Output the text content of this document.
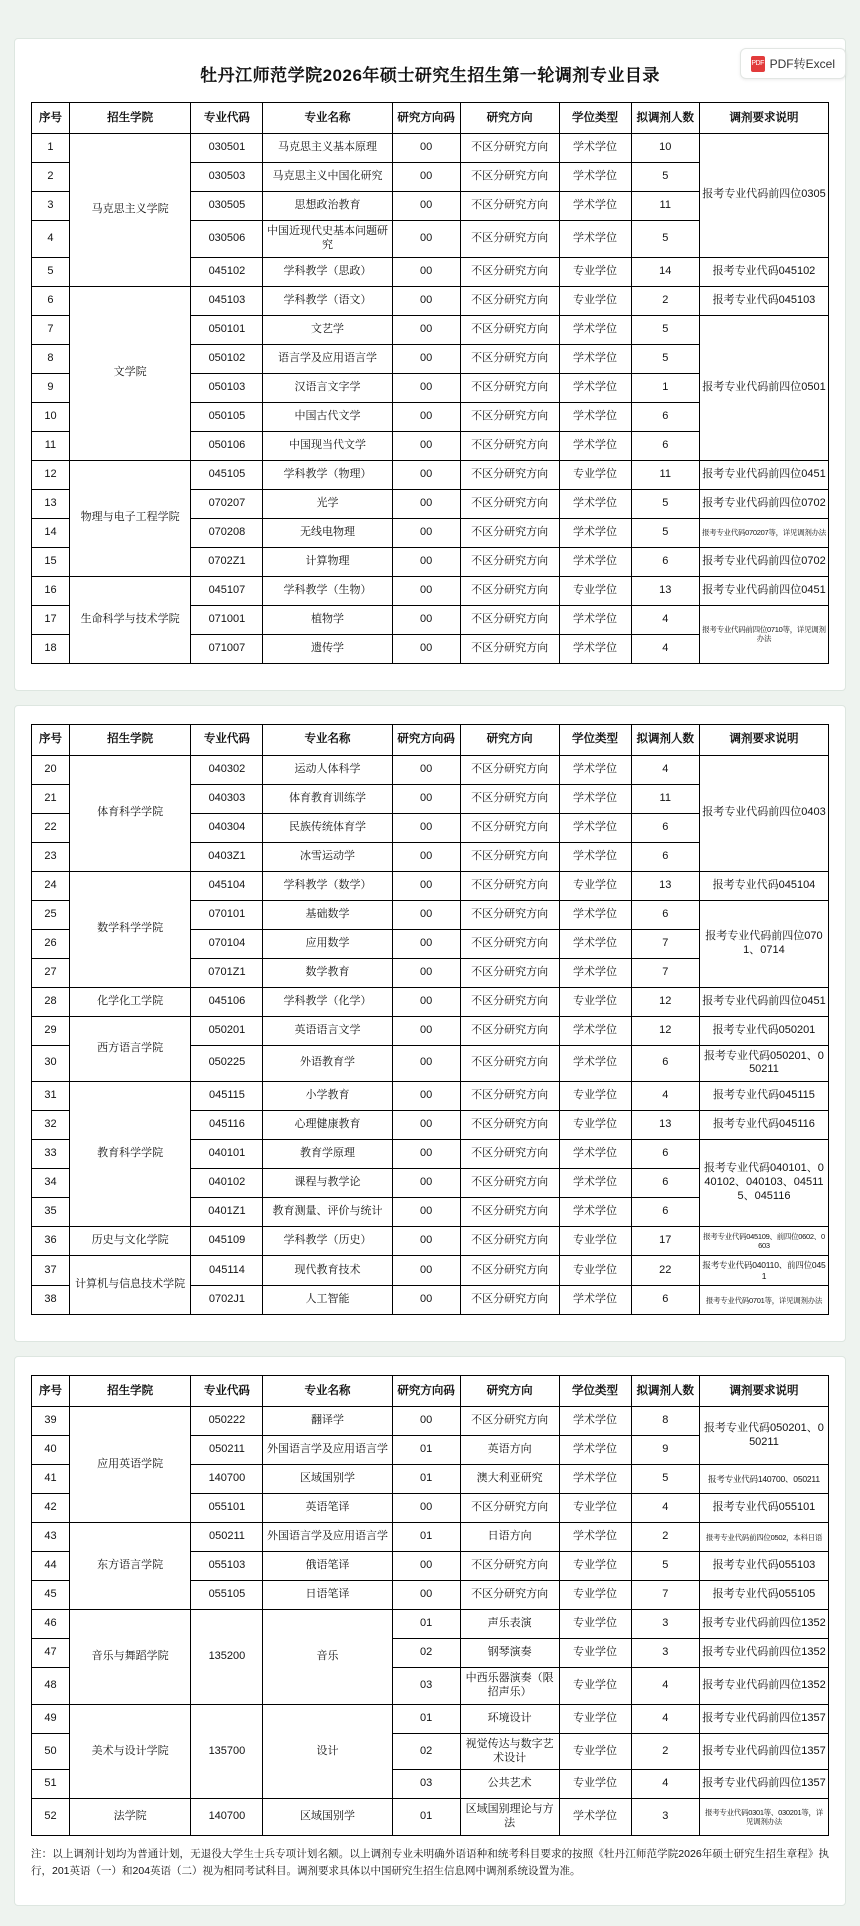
PDF PDF转Excel
牡丹江师范学院2026年硕士研究生招生第一轮调剂专业目录
序号	招生学院	专业代码	专业名称	研究方向码	研究方向	学位类型	拟调剂人数	调剂要求说明
1	马克思主义学院	030501	马克思主义基本原理	00	不区分研究方向	学术学位	10	报考专业代码前四位0305
2		030503	马克思主义中国化研究	00	不区分研究方向	学术学位	5	
3		030505	思想政治教育	00	不区分研究方向	学术学位	11	
4		030506	中国近现代史基本问题研究	00	不区分研究方向	学术学位	5	
5		045102	学科教学（思政）	00	不区分研究方向	专业学位	14	报考专业代码045102
6	文学院	045103	学科教学（语文）	00	不区分研究方向	专业学位	2	报考专业代码045103
7		050101	文艺学	00	不区分研究方向	学术学位	5	报考专业代码前四位0501
8		050102	语言学及应用语言学	00	不区分研究方向	学术学位	5	
9		050103	汉语言文字学	00	不区分研究方向	学术学位	1	
10		050105	中国古代文学	00	不区分研究方向	学术学位	6	
11		050106	中国现当代文学	00	不区分研究方向	学术学位	6	
12	物理与电子工程学院	045105	学科教学（物理）	00	不区分研究方向	专业学位	11	报考专业代码前四位0451
13		070207	光学	00	不区分研究方向	学术学位	5	报考专业代码前四位0702
14		070208	无线电物理	00	不区分研究方向	学术学位	5	报考专业代码070207等，详见调剂办法
15		0702Z1	计算物理	00	不区分研究方向	学术学位	6	报考专业代码前四位0702
16	生命科学与技术学院	045107	学科教学（生物）	00	不区分研究方向	专业学位	13	报考专业代码前四位0451
17		071001	植物学	00	不区分研究方向	学术学位	4	报考专业代码前四位0710等，详见调剂办法
18		071007	遗传学	00	不区分研究方向	学术学位	4	
序号	招生学院	专业代码	专业名称	研究方向码	研究方向	学位类型	拟调剂人数	调剂要求说明
20	体育科学学院	040302	运动人体科学	00	不区分研究方向	学术学位	4	报考专业代码前四位0403
21		040303	体育教育训练学	00	不区分研究方向	学术学位	11	
22		040304	民族传统体育学	00	不区分研究方向	学术学位	6	
23		0403Z1	冰雪运动学	00	不区分研究方向	学术学位	6	
24	数学科学学院	045104	学科教学（数学）	00	不区分研究方向	专业学位	13	报考专业代码045104
25		070101	基础数学	00	不区分研究方向	学术学位	6	报考专业代码前四位0701、0714
26		070104	应用数学	00	不区分研究方向	学术学位	7	
27		0701Z1	数学教育	00	不区分研究方向	学术学位	7	
28	化学化工学院	045106	学科教学（化学）	00	不区分研究方向	专业学位	12	报考专业代码前四位0451
29	西方语言学院	050201	英语语言文学	00	不区分研究方向	学术学位	12	报考专业代码050201
30		050225	外语教育学	00	不区分研究方向	学术学位	6	报考专业代码050201、050211
31	教育科学学院	045115	小学教育	00	不区分研究方向	专业学位	4	报考专业代码045115
32		045116	心理健康教育	00	不区分研究方向	专业学位	13	报考专业代码045116
33		040101	教育学原理	00	不区分研究方向	学术学位	6	报考专业代码040101、040102、040103、045115、045116
34		040102	课程与教学论	00	不区分研究方向	学术学位	6	
35		0401Z1	教育测量、评价与统计	00	不区分研究方向	学术学位	6	
36	历史与文化学院	045109	学科教学（历史）	00	不区分研究方向	专业学位	17	报考专业代码045109、前四位0602、0603
37	计算机与信息技术学院	045114	现代教育技术	00	不区分研究方向	专业学位	22	报考专业代码040110、前四位0451
38		0702J1	人工智能	00	不区分研究方向	学术学位	6	报考专业代码0701等，详见调剂办法
序号	招生学院	专业代码	专业名称	研究方向码	研究方向	学位类型	拟调剂人数	调剂要求说明
39	应用英语学院	050222	翻译学	00	不区分研究方向	学术学位	8	报考专业代码050201、050211
40		050211	外国语言学及应用语言学	01	英语方向	学术学位	9	
41		140700	区域国别学	01	澳大利亚研究	学术学位	5	报考专业代码140700、050211
42		055101	英语笔译	00	不区分研究方向	专业学位	4	报考专业代码055101
43	东方语言学院	050211	外国语言学及应用语言学	01	日语方向	学术学位	2	报考专业代码前四位0502，本科日语
44		055103	俄语笔译	00	不区分研究方向	专业学位	5	报考专业代码055103
45		055105	日语笔译	00	不区分研究方向	专业学位	7	报考专业代码055105
46	音乐与舞蹈学院	135200	音乐	01	声乐表演	专业学位	3	报考专业代码前四位1352
47				02	钢琴演奏	专业学位	3	报考专业代码前四位1352
48				03	中西乐器演奏（限招声乐）	专业学位	4	报考专业代码前四位1352
49	美术与设计学院	135700	设计	01	环境设计	专业学位	4	报考专业代码前四位1357
50				02	视觉传达与数字艺术设计	专业学位	2	报考专业代码前四位1357
51				03	公共艺术	专业学位	4	报考专业代码前四位1357
52	法学院	140700	区域国别学	01	区域国别理论与方法	学术学位	3	报考专业代码0301等、030201等，详见调剂办法
注：以上调剂计划均为普通计划，无退役大学生士兵专项计划名额。以上调剂专业未明确外语语种和统考科目要求的按照《牡丹江师范学院2026年硕士研究生招生章程》执行，201英语（一）和204英语（二）视为相同考试科目。调剂要求具体以中国研究生招生信息网中调剂系统设置为准。
